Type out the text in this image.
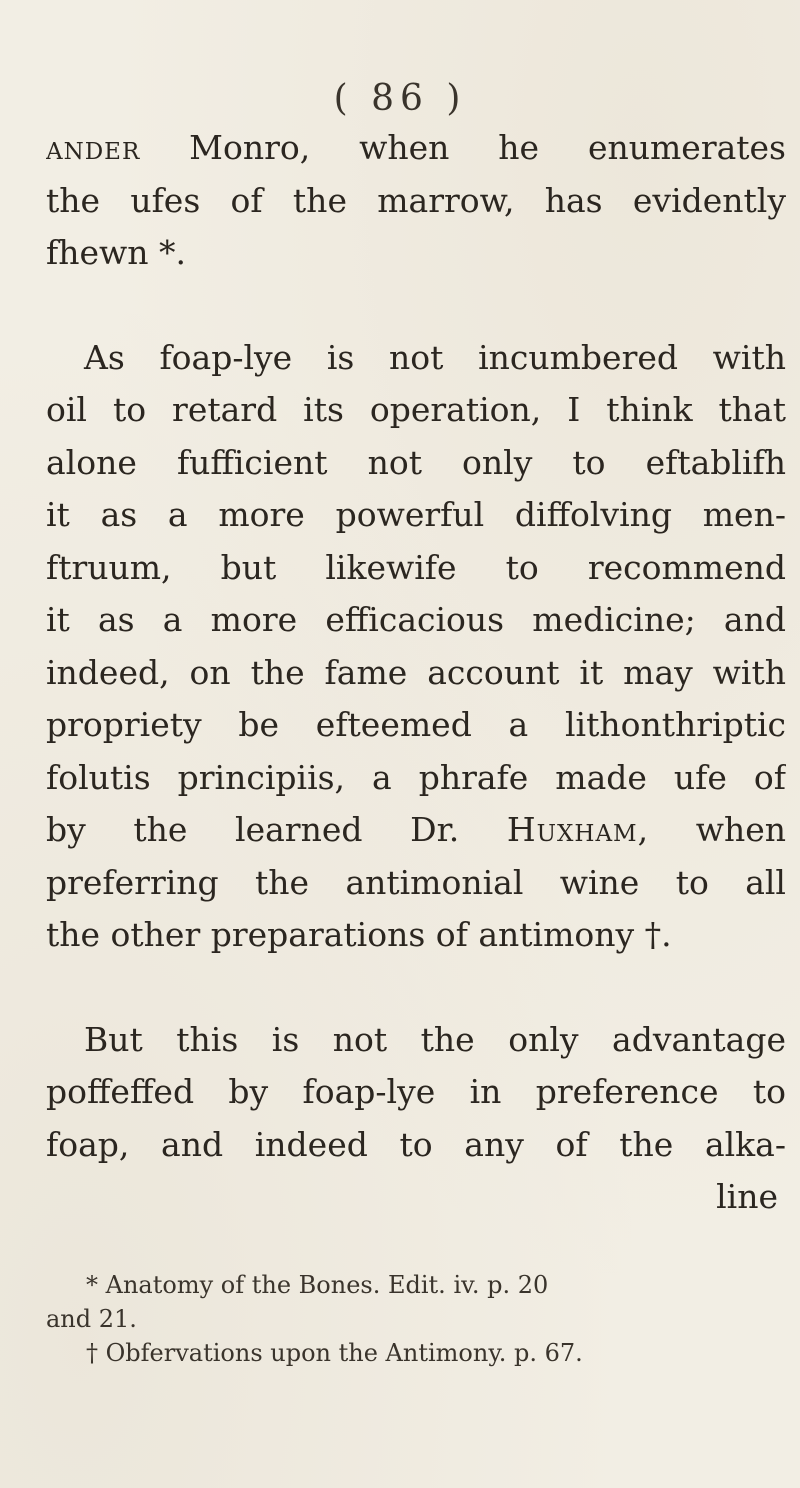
( 86 )
ander Monro, when he enumerates
the ufes of the marrow, has evidently
fhewn *.
As foap-lye is not incumbered with
oil to retard its operation, I think that
alone fufficient not only to eftablifh
it as a more powerful diffolving men-
ftruum, but likewife to recommend
it as a more efficacious medicine; and
indeed, on the fame account it may with
propriety be efteemed a lithonthriptic
folutis principiis, a phrafe made ufe of
by the learned Dr. Huxham, when
preferring the antimonial wine to all
the other preparations of antimony †.
But this is not the only advantage
poffeffed by foap-lye in preference to
foap, and indeed to any of the alka-
line
* Anatomy of the Bones. Edit. iv. p. 20
and 21.
† Obfervations upon the Antimony. p. 67.
